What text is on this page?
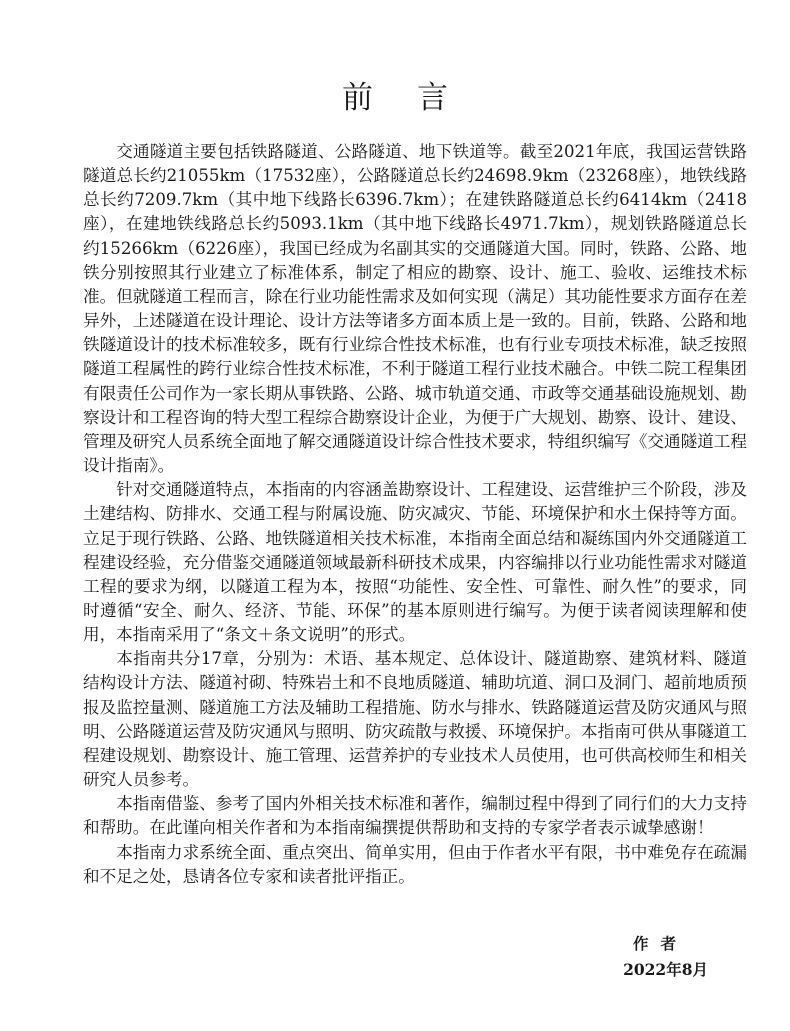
前言

交通隧道主要包括铁路隧道、公路隧道、地下铁道等。截至2021年底，我国运营铁路隧道总长约21055km（17532座），公路隧道总长约24698.9km（23268座），地铁线路总长约7209.7km（其中地下线路长6396.7km）；在建铁路隧道总长约6414km（2418座），在建地铁线路总长约5093.1km（其中地下线路长4971.7km），规划铁路隧道总长约15266km（6226座），我国已经成为名副其实的交通隧道大国。同时，铁路、公路、地铁分别按照其行业建立了标准体系，制定了相应的勘察、设计、施工、验收、运维技术标准。但就隧道工程而言，除在行业功能性需求及如何实现（满足）其功能性要求方面存在差异外，上述隧道在设计理论、设计方法等诸多方面本质上是一致的。目前，铁路、公路和地铁隧道设计的技术标准较多，既有行业综合性技术标准，也有行业专项技术标准，缺乏按照隧道工程属性的跨行业综合性技术标准，不利于隧道工程行业技术融合。中铁二院工程集团有限责任公司作为一家长期从事铁路、公路、城市轨道交通、市政等交通基础设施规划、勘察设计和工程咨询的特大型工程综合勘察设计企业，为便于广大规划、勘察、设计、建设、管理及研究人员系统全面地了解交通隧道设计综合性技术要求，特组织编写《交通隧道工程设计指南》。

针对交通隧道特点，本指南的内容涵盖勘察设计、工程建设、运营维护三个阶段，涉及土建结构、防排水、交通工程与附属设施、防灾减灾、节能、环境保护和水土保持等方面。立足于现行铁路、公路、地铁隧道相关技术标准，本指南全面总结和凝练国内外交通隧道工程建设经验，充分借鉴交通隧道领域最新科研技术成果，内容编排以行业功能性需求对隧道工程的要求为纲，以隧道工程为本，按照“功能性、安全性、可靠性、耐久性”的要求，同时遵循“安全、耐久、经济、节能、环保”的基本原则进行编写。为便于读者阅读理解和使用，本指南采用了“条文＋条文说明”的形式。

本指南共分17章，分别为：术语、基本规定、总体设计、隧道勘察、建筑材料、隧道结构设计方法、隧道衬砌、特殊岩土和不良地质隧道、辅助坑道、洞口及洞门、超前地质预报及监控量测、隧道施工方法及辅助工程措施、防水与排水、铁路隧道运营及防灾通风与照明、公路隧道运营及防灾通风与照明、防灾疏散与救援、环境保护。本指南可供从事隧道工程建设规划、勘察设计、施工管理、运营养护的专业技术人员使用，也可供高校师生和相关研究人员参考。

本指南借鉴、参考了国内外相关技术标准和著作，编制过程中得到了同行们的大力支持和帮助。在此谨向相关作者和为本指南编撰提供帮助和支持的专家学者表示诚挚感谢！

本指南力求系统全面、重点突出、简单实用，但由于作者水平有限，书中难免存在疏漏和不足之处，恳请各位专家和读者批评指正。

作者
2022年8月
